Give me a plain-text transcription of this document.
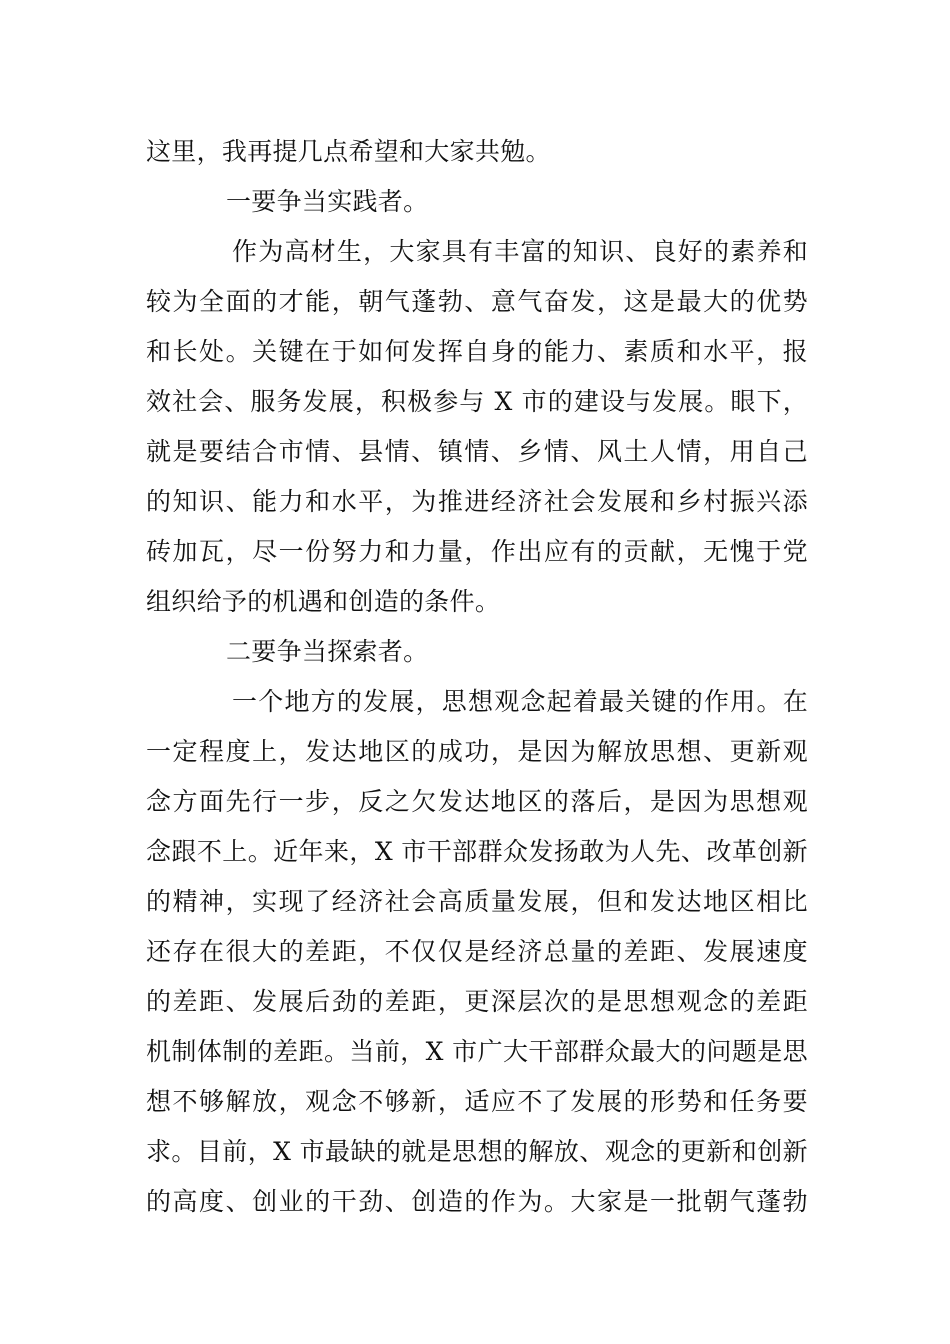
这里，我再提几点希望和大家共勉。
一要争当实践者。
作为高材生，大家具有丰富的知识、良好的素养和
较为全面的才能，朝气蓬勃、意气奋发，这是最大的优势
和长处。关键在于如何发挥自身的能力、素质和水平，报
效社会、服务发展，积极参与 X 市的建设与发展。眼下，
就是要结合市情、县情、镇情、乡情、风土人情，用自己
的知识、能力和水平，为推进经济社会发展和乡村振兴添
砖加瓦，尽一份努力和力量，作出应有的贡献，无愧于党
组织给予的机遇和创造的条件。
二要争当探索者。
一个地方的发展，思想观念起着最关键的作用。在
一定程度上，发达地区的成功，是因为解放思想、更新观
念方面先行一步，反之欠发达地区的落后，是因为思想观
念跟不上。近年来，X 市干部群众发扬敢为人先、改革创新
的精神，实现了经济社会高质量发展，但和发达地区相比
还存在很大的差距，不仅仅是经济总量的差距、发展速度
的差距、发展后劲的差距，更深层次的是思想观念的差距
机制体制的差距。当前，X 市广大干部群众最大的问题是思
想不够解放，观念不够新，适应不了发展的形势和任务要
求。目前，X 市最缺的就是思想的解放、观念的更新和创新
的高度、创业的干劲、创造的作为。大家是一批朝气蓬勃
